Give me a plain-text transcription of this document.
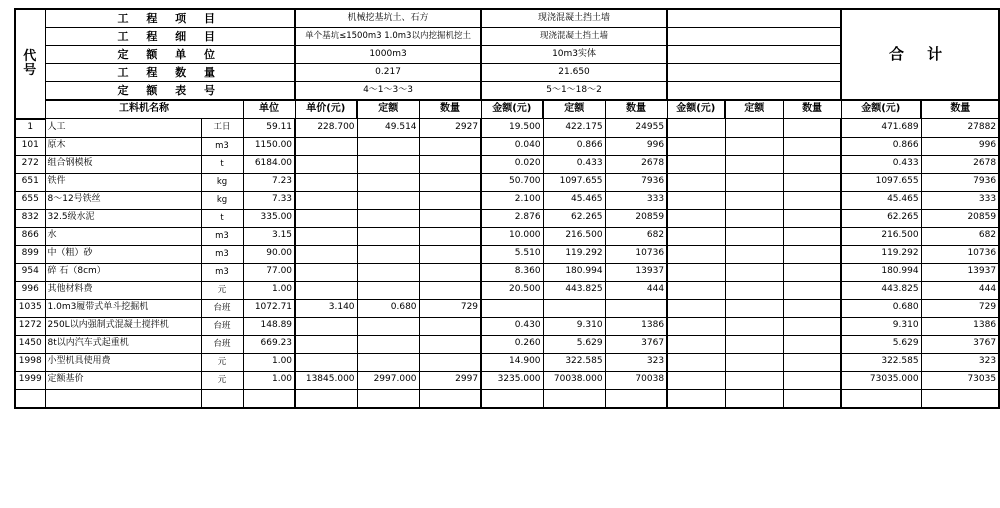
代
号	工 程 项 目			机械挖基坑土、石方			现浇混凝土挡土墙						合 计		
	工 程 细 目			单个基坑≤1500m3 1.0m3以内挖掘机挖土			现浇混凝土挡土墙								
	定 额 单 位			1000m3			10m3实体								
	工 程 数 量			0.217			21.650								
	定 额 表 号			4～1～3～3			5～1～18～2								
	工料机名称		单位	单价(元)	定额	数量	金额(元)	定额	数量	金额(元)	定额	数量	金额(元)	数量	
1	人工	工日	59.11	228.700	49.514	2927	19.500	422.175	24955				471.689	27882	
101	原木	m3	1150.00				0.040	0.866	996				0.866	996	
272	组合钢模板	t	6184.00				0.020	0.433	2678				0.433	2678	
651	铁件	kg	7.23				50.700	1097.655	7936				1097.655	7936	
655	8～12号铁丝	kg	7.33				2.100	45.465	333				45.465	333	
832	32.5级水泥	t	335.00				2.876	62.265	20859				62.265	20859	
866	水	m3	3.15				10.000	216.500	682				216.500	682	
899	中（粗）砂	m3	90.00				5.510	119.292	10736				119.292	10736	
954	碎 石（8cm）	m3	77.00				8.360	180.994	13937				180.994	13937	
996	其他材料费	元	1.00				20.500	443.825	444				443.825	444	
1035	1.0m3履带式单斗挖掘机	台班	1072.71	3.140	0.680	729							0.680	729	
1272	250L以内强制式混凝土搅拌机	台班	148.89				0.430	9.310	1386				9.310	1386	
1450	8t以内汽车式起重机	台班	669.23				0.260	5.629	3767				5.629	3767	
1998	小型机具使用费	元	1.00				14.900	322.585	323				322.585	323	
1999	定额基价	元	1.00	13845.000	2997.000	2997	3235.000	70038.000	70038				73035.000	73035	
